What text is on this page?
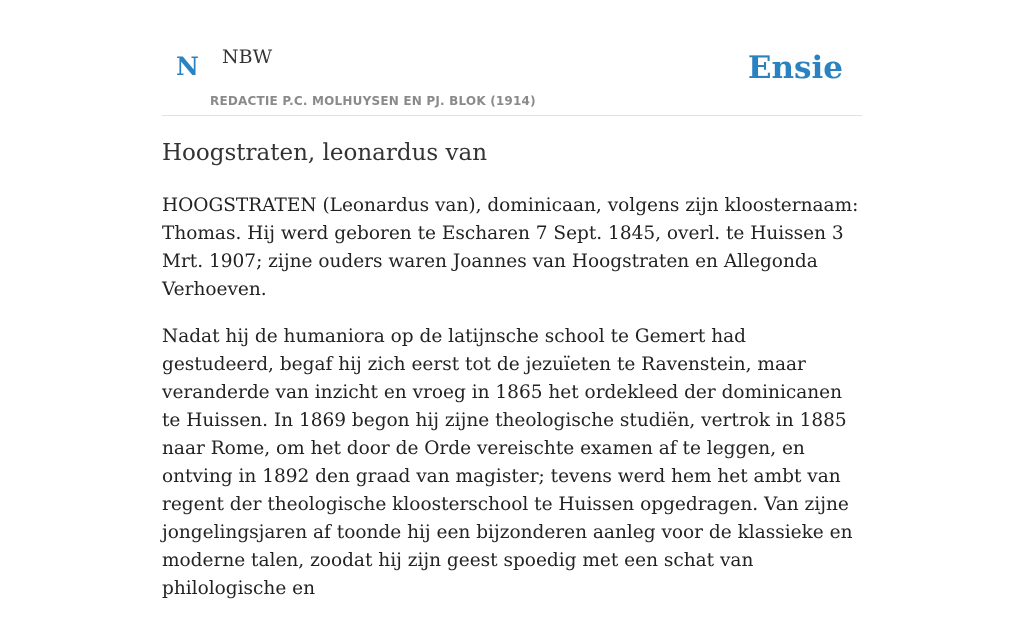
N NBW
REDACTIE P.C. MOLHUYSEN EN PJ. BLOK (1914)
Ensie
Hoogstraten, leonardus van

HOOGSTRATEN (Leonardus van), dominicaan, volgens zijn kloosternaam: Thomas. Hij werd geboren te Escharen 7 Sept. 1845, overl. te Huissen 3 Mrt. 1907; zijne ouders waren Joannes van Hoogstraten en Allegonda Verhoeven.

Nadat hij de humaniora op de latijnsche school te Gemert had gestudeerd, begaf hij zich eerst tot de jezuïeten te Ravenstein, maar veranderde van inzicht en vroeg in 1865 het ordekleed der dominicanen te Huissen. In 1869 begon hij zijne theologische studiën, vertrok in 1885 naar Rome, om het door de Orde vereischte examen af te leggen, en ontving in 1892 den graad van magister; tevens werd hem het ambt van regent der theologische kloosterschool te Huissen opgedragen. Van zijne jongelingsjaren af toonde hij een bijzonderen aanleg voor de klassieke en moderne talen, zoodat hij zijn geest spoedig met een schat van philologische en
